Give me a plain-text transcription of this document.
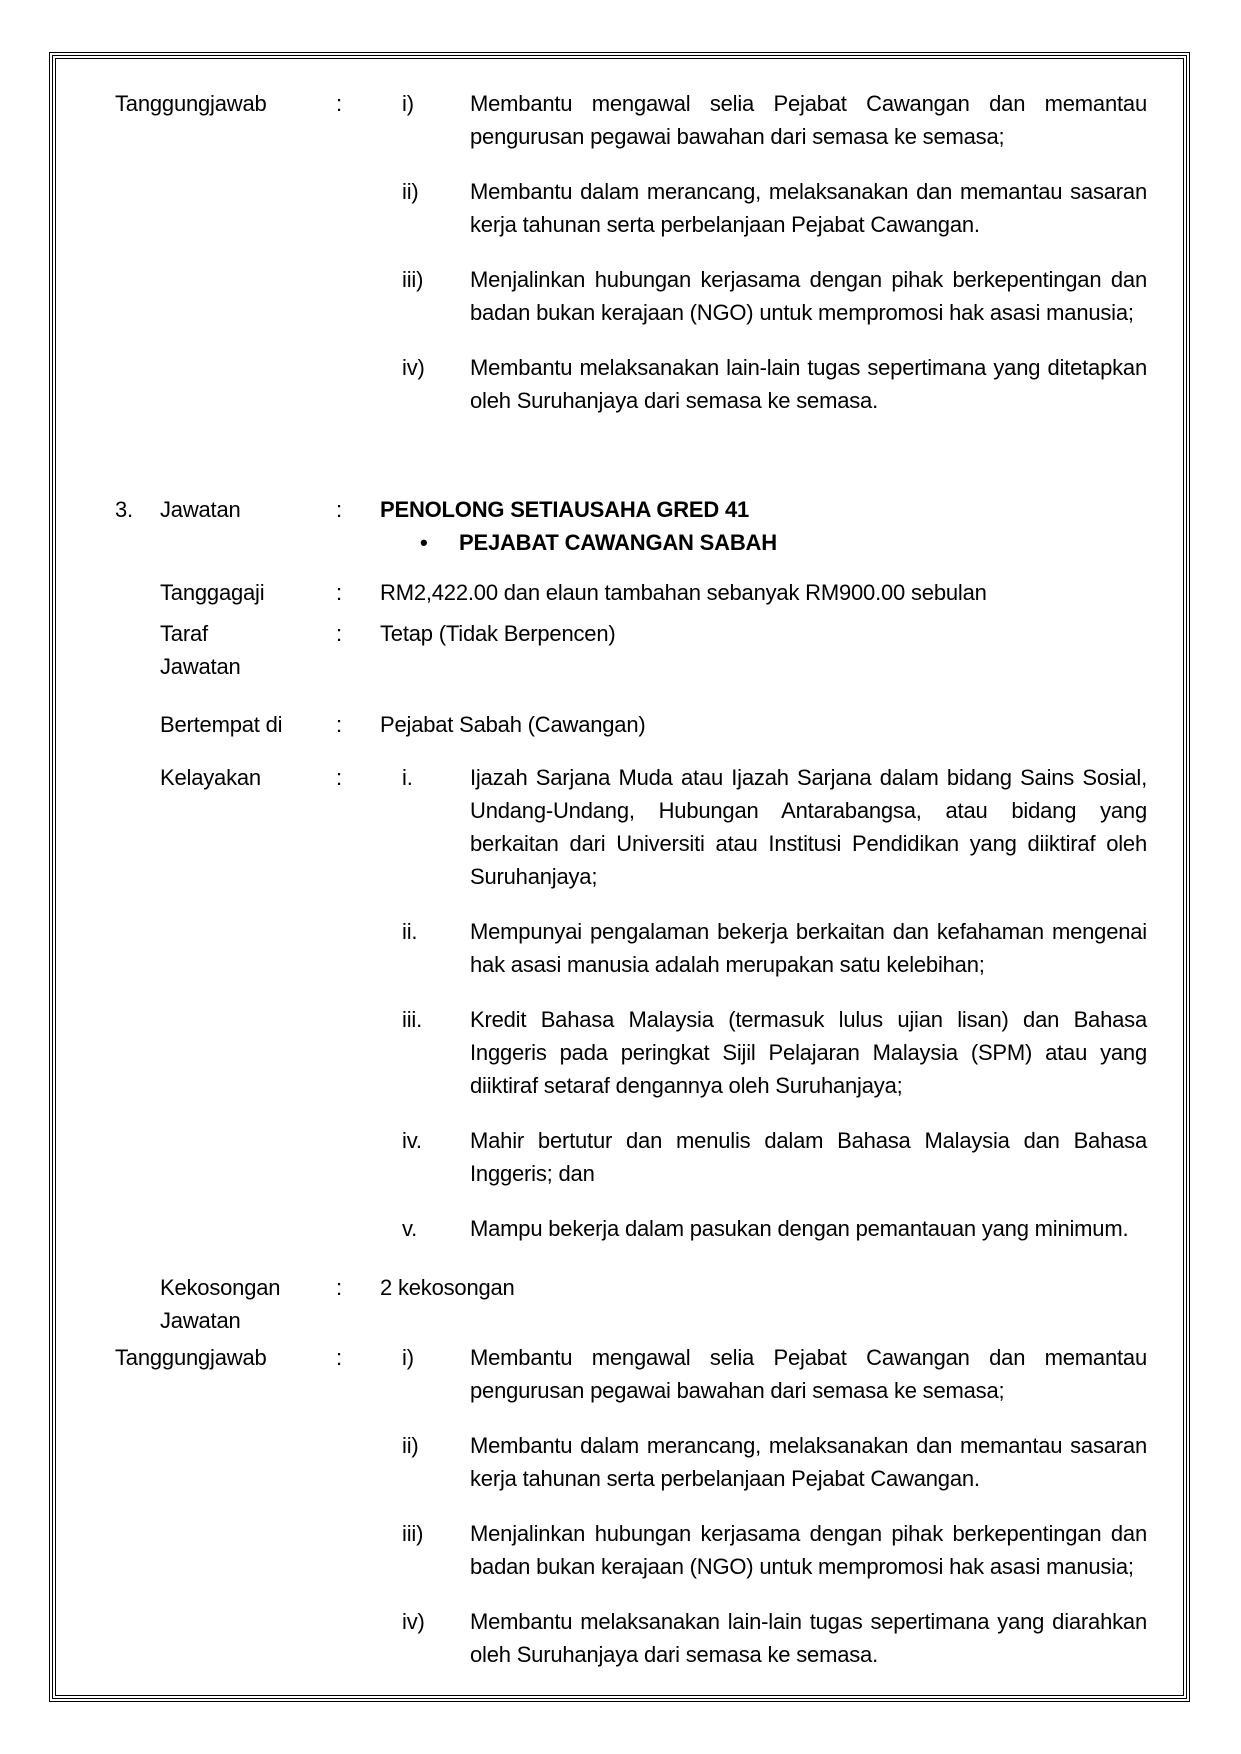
Tanggungjawab	:	i)	Membantu mengawal selia Pejabat Cawangan dan memantau pengurusan pegawai bawahan dari semasa ke semasa;
ii)	Membantu dalam merancang, melaksanakan dan memantau sasaran kerja tahunan serta perbelanjaan Pejabat Cawangan.
iii)	Menjalinkan hubungan kerjasama dengan pihak berkepentingan dan badan bukan kerajaan (NGO) untuk mempromosi hak asasi manusia;
iv)	Membantu melaksanakan lain-lain tugas sepertimana yang ditetapkan oleh Suruhanjaya dari semasa ke semasa.
3. Jawatan	:	PENOLONG SETIAUSAHA GRED 41
•	PEJABAT CAWANGAN SABAH
Tanggagaji	:	RM2,422.00 dan elaun tambahan sebanyak RM900.00 sebulan
Taraf
Jawatan
:	Tetap (Tidak Berpencen)
Bertempat di	:	Pejabat Sabah (Cawangan)
Kelayakan	:	i.	Ijazah Sarjana Muda atau Ijazah Sarjana dalam bidang Sains Sosial, Undang-Undang, Hubungan Antarabangsa, atau bidang yang berkaitan dari Universiti atau Institusi Pendidikan yang diiktiraf oleh Suruhanjaya;
ii.	Mempunyai pengalaman bekerja berkaitan dan kefahaman mengenai hak asasi manusia adalah merupakan satu kelebihan;
iii.	Kredit Bahasa Malaysia (termasuk lulus ujian lisan) dan Bahasa Inggeris pada peringkat Sijil Pelajaran Malaysia (SPM) atau yang diiktiraf setaraf dengannya oleh Suruhanjaya;
iv.	Mahir bertutur dan menulis dalam Bahasa Malaysia dan Bahasa Inggeris; dan
v.	Mampu bekerja dalam pasukan dengan pemantauan yang minimum.
Kekosongan
Jawatan
:	2 kekosongan
Tanggungjawab	:	i)	Membantu mengawal selia Pejabat Cawangan dan memantau pengurusan pegawai bawahan dari semasa ke semasa;
ii)	Membantu dalam merancang, melaksanakan dan memantau sasaran kerja tahunan serta perbelanjaan Pejabat Cawangan.
iii)	Menjalinkan hubungan kerjasama dengan pihak berkepentingan dan badan bukan kerajaan (NGO) untuk mempromosi hak asasi manusia;
iv)	Membantu melaksanakan lain-lain tugas sepertimana yang diarahkan oleh Suruhanjaya dari semasa ke semasa.
